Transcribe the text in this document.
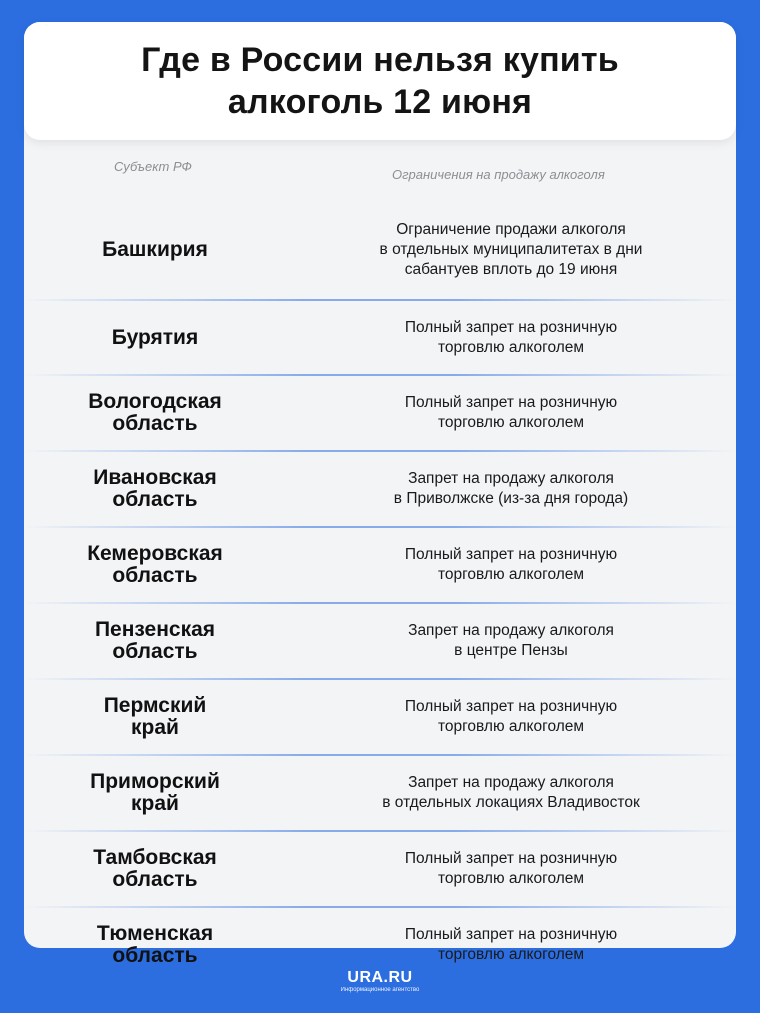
Где в России нельзя купить
алкоголь 12 июня
Субъект РФ
Ограничения на продажу алкоголя
Башкирия
Ограничение продажи алкоголя
в отдельных муниципалитетах в дни
сабантуев вплоть до 19 июня
Бурятия	Полный запрет на розничную
торговлю алкоголем
Вологодская
область
Полный запрет на розничную
торговлю алкоголем
Ивановская
область
Запрет на продажу алкоголя
в Приволжске (из-за дня города)
Кемеровская
область
Полный запрет на розничную
торговлю алкоголем
Пензенская
область
Запрет на продажу алкоголя
в центре Пензы
Пермский
край
Полный запрет на розничную
торговлю алкоголем
Приморский
край
Запрет на продажу алкоголя
в отдельных локациях Владивосток
Тамбовская
область
Полный запрет на розничную
торговлю алкоголем
Тюменская
область
Полный запрет на розничную
торговлю алкоголем
URA.RU
Информационное агентство
